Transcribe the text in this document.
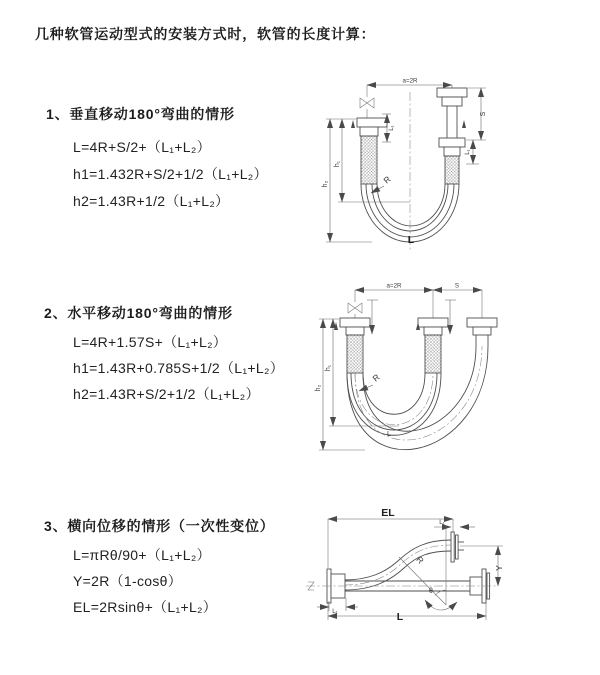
几种软管运动型式的安装方式时，软管的长度计算：
1、垂直移动180°弯曲的情形
L=4R+S/2+（L₁+L₂）
h1=1.432R+S/2+1/2（L₁+L₂）
h2=1.43R+1/2（L₁+L₂）
2、水平移动180°弯曲的情形
L=4R+1.57S+（L₁+L₂）
h1=1.43R+0.785S+1/2（L₁+L₂）
h2=1.43R+S/2+1/2（L₁+L₂）
3、横向位移的情形（一次性变位）
L=πRθ/90+（L₁+L₂）
Y=2R（1-cosθ）
EL=2Rsinθ+（L₁+L₂）
a=2R
h₂
h₁
L₁
S
L₁
R
L
a=2R	S
h₂
h₁
R
L
EL
L₁
Y
R
θ
L
L₁
